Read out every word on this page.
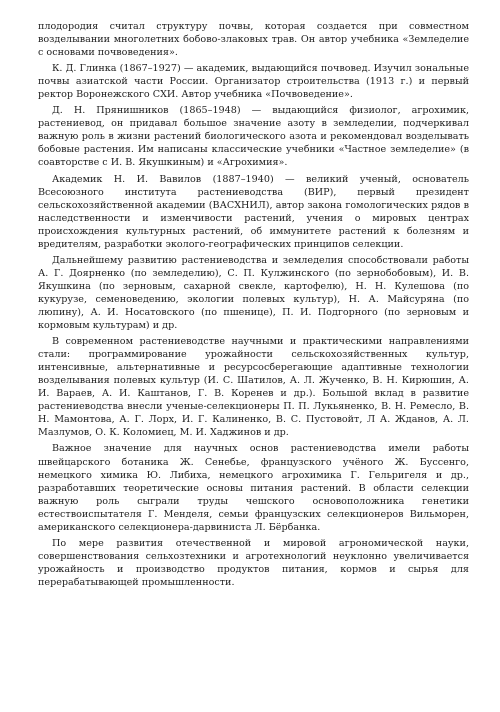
плодородия считал структуру почвы, которая создается при совместном возделывании многолетних бобово-злаковых трав. Он автор учебника «Земледелие с основами почвоведения».

К. Д. Глинка (1867–1927) — академик, выдающийся почвовед. Изучил зональные почвы азиатской части России. Организатор строительства (1913 г.) и первый ректор Воронежского СХИ. Автор учебника «Почвоведение».

Д. Н. Прянишников (1865–1948) — выдающийся физиолог, агрохимик, растениевод, он придавал большое значение азоту в земледелии, подчеркивал важную роль в жизни растений биологического азота и рекомендовал возделывать бобовые растения. Им написаны классические учебники «Частное земледелие» (в соавторстве с И. В. Якушкиным) и «Агрохимия».

Академик Н. И. Вавилов (1887–1940) — великий ученый, основатель Всесоюзного института растениеводства (ВИР), первый президент сельскохозяйственной академии (ВАСХНИЛ), автор закона гомологических рядов в наследственности и изменчивости растений, учения о мировых центрах происхождения культурных растений, об иммунитете растений к болезням и вредителям, разработки эколого-географических принципов селекции.

Дальнейшему развитию растениеводства и земледелия способствовали работы А. Г. Доярненко (по земледелию), С. П. Кулжинского (по зернобобовым), И. В. Якушкина (по зерновым, сахарной свекле, картофелю), Н. Н. Кулешова (по кукурузе, семеноведению, экологии полевых культур), Н. А. Майсуряна (по люпину), А. И. Носатовского (по пшенице), П. И. Подгорного (по зерновым и кормовым культурам) и др.

В современном растениеводстве научными и практическими направлениями стали: программирование урожайности сельскохозяйственных культур, интенсивные, альтернативные и ресурсосберегающие адаптивные технологии возделывания полевых культур (И. С. Шатилов, А. Л. Жученко, В. Н. Кирюшин, А. И. Вараев, А. И. Каштанов, Г. В. Коренев и др.). Большой вклад в развитие растениеводства внесли ученые-селекционеры П. П. Лукьяненко, В. Н. Ремесло, В. Н. Мамонтова, А. Г. Лорх, И. Г. Калиненко, В. С. Пустовойт, Л А. Жданов, А. Л. Мазлумов, О. К. Коломиец, М. И. Хаджинов и др.

Важное значение для научных основ растениеводства имели работы швейцарского ботаника Ж. Сенебье, французского учёного Ж. Буссенго, немецкого химика Ю. Либиха, немецкого агрохимика Г. Гельригеля и др., разработавших теоретические основы питания растений. В области селекции важную роль сыграли труды чешского основоположника генетики естествоиспытателя Г. Менделя, семьи французских селекционеров Вильморен, американского селекционера-дарвиниста Л. Бёрбанка.

По мере развития отечественной и мировой агрономической науки, совершенствования сельхозтехники и агротехнологий неуклонно увеличивается урожайность и производство продуктов питания, кормов и сырья для перерабатывающей промышленности.
